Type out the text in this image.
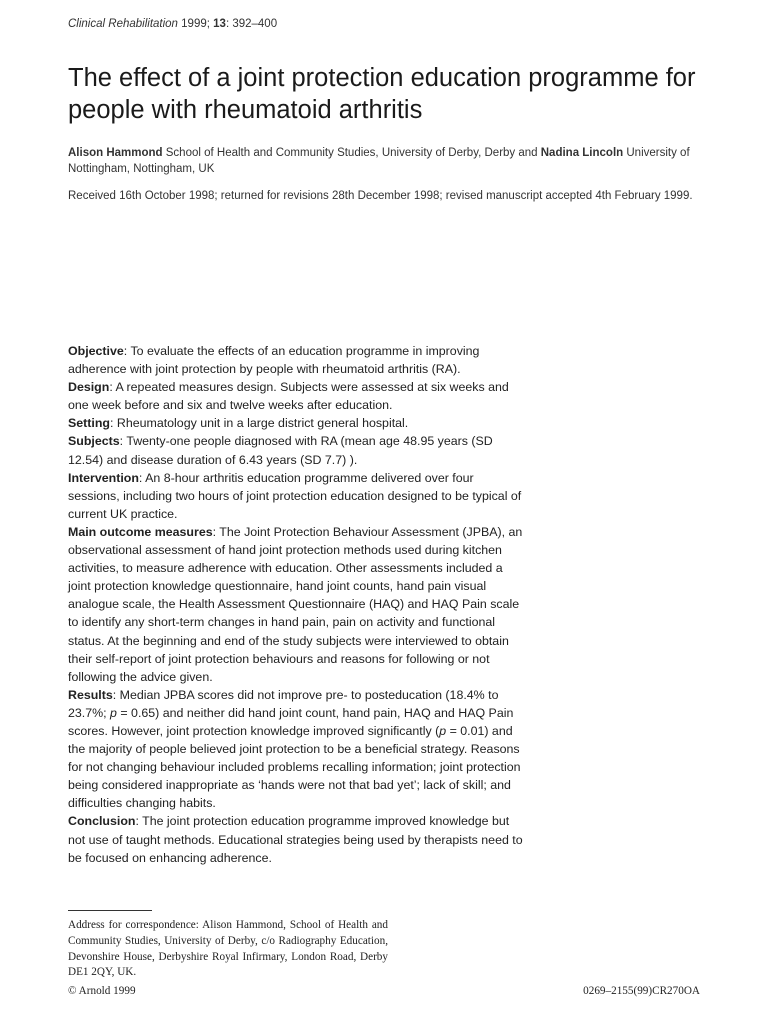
Clinical Rehabilitation 1999; 13: 392–400
The effect of a joint protection education programme for people with rheumatoid arthritis
Alison Hammond School of Health and Community Studies, University of Derby, Derby and Nadina Lincoln University of Nottingham, Nottingham, UK
Received 16th October 1998; returned for revisions 28th December 1998; revised manuscript accepted 4th February 1999.
Objective: To evaluate the effects of an education programme in improving adherence with joint protection by people with rheumatoid arthritis (RA).
Design: A repeated measures design. Subjects were assessed at six weeks and one week before and six and twelve weeks after education.
Setting: Rheumatology unit in a large district general hospital.
Subjects: Twenty-one people diagnosed with RA (mean age 48.95 years (SD 12.54) and disease duration of 6.43 years (SD 7.7) ).
Intervention: An 8-hour arthritis education programme delivered over four sessions, including two hours of joint protection education designed to be typical of current UK practice.
Main outcome measures: The Joint Protection Behaviour Assessment (JPBA), an observational assessment of hand joint protection methods used during kitchen activities, to measure adherence with education. Other assessments included a joint protection knowledge questionnaire, hand joint counts, hand pain visual analogue scale, the Health Assessment Questionnaire (HAQ) and HAQ Pain scale to identify any short-term changes in hand pain, pain on activity and functional status. At the beginning and end of the study subjects were interviewed to obtain their self-report of joint protection behaviours and reasons for following or not following the advice given.
Results: Median JPBA scores did not improve pre- to posteducation (18.4% to 23.7%; p = 0.65) and neither did hand joint count, hand pain, HAQ and HAQ Pain scores. However, joint protection knowledge improved significantly (p = 0.01) and the majority of people believed joint protection to be a beneficial strategy. Reasons for not changing behaviour included problems recalling information; joint protection being considered inappropriate as ‘hands were not that bad yet’; lack of skill; and difficulties changing habits.
Conclusion: The joint protection education programme improved knowledge but not use of taught methods. Educational strategies being used by therapists need to be focused on enhancing adherence.
Address for correspondence: Alison Hammond, School of Health and Community Studies, University of Derby, c/o Radiography Education, Devonshire House, Derbyshire Royal Infirmary, London Road, Derby DE1 2QY, UK.
© Arnold 1999	0269–2155(99)CR270OA
